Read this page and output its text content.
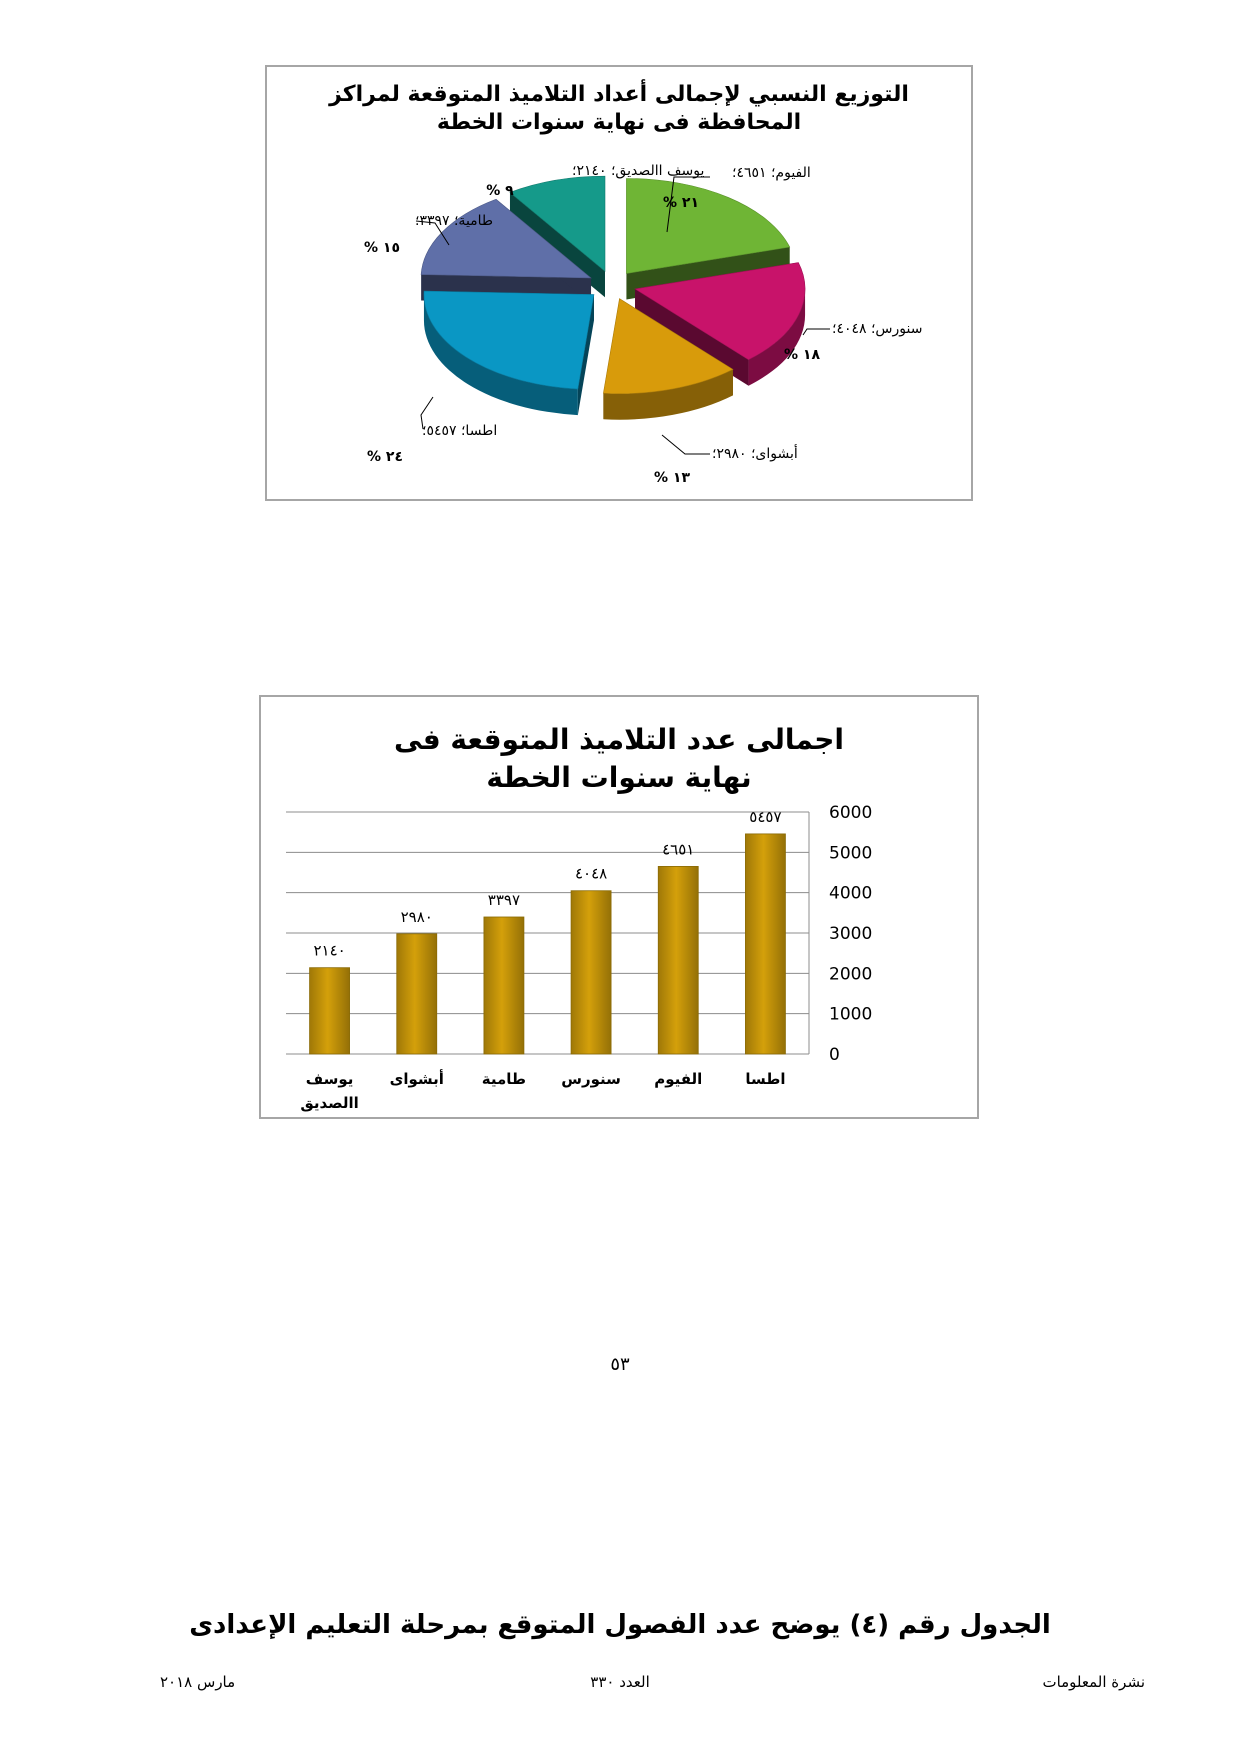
التوزيع النسبي لإجمالى أعداد التلاميذ المتوقعة لمراكز المحافظة فى نهاية سنوات الخطة
الفيوم؛ ٤٦٥١؛
٢١ %
سنورس؛ ٤٠٤٨؛
١٨ %
أبشواى؛ ٢٩٨٠؛
١٣ %
اطسا؛ ٥٤٥٧؛
٢٤ %
طامية؛ ٣٣٩٧؛
١٥ %
يوسف االصديق؛ ٢١٤٠؛
٩ %
اجمالى عدد التلاميذ المتوقعة فى نهاية سنوات الخطة
0
1000
2000
3000
4000
5000
6000
٢١٤٠
يوسف
االصديق
٢٩٨٠
أبشواى
٣٣٩٧
طامية
٤٠٤٨
سنورس
٤٦٥١
الفيوم
٥٤٥٧
اطسا
٥٣
الجدول رقم (٤) يوضح عدد الفصول المتوقع بمرحلة التعليم الإعدادى
نشرة المعلومات
العدد ٣٣٠
مارس ٢٠١٨
